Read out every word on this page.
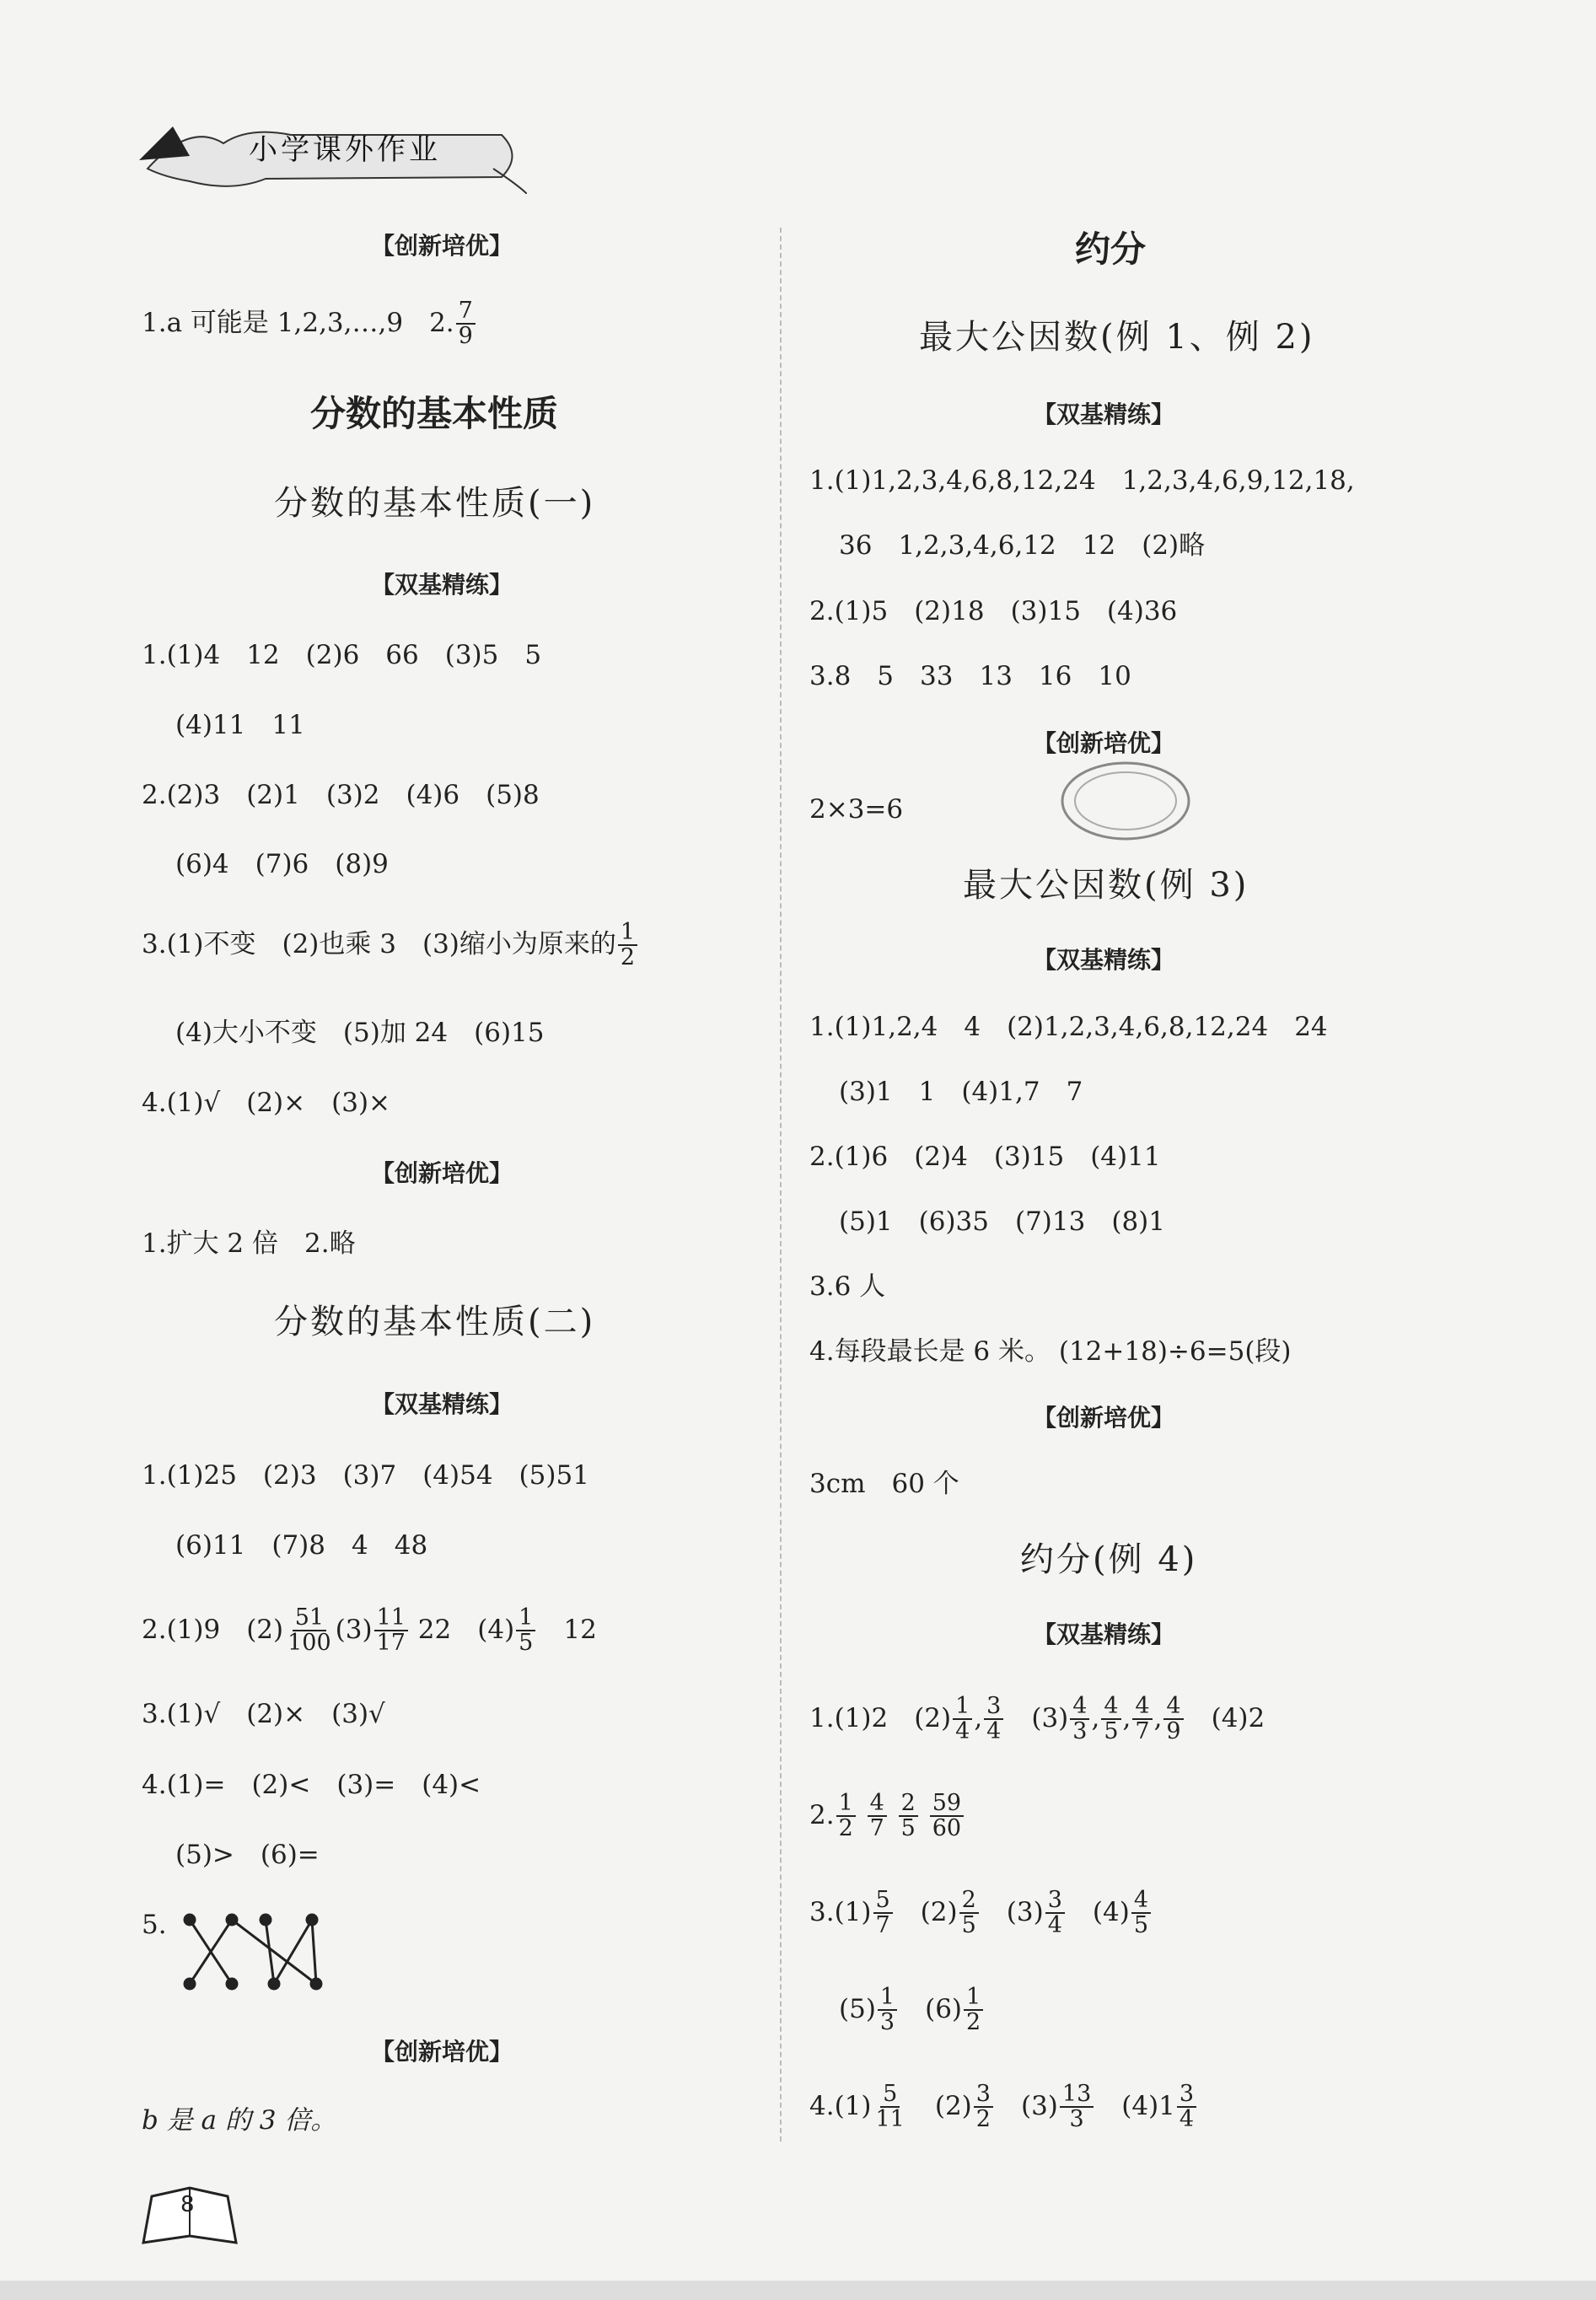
小学课外作业
【创新培优】
1.a 可能是 1,2,3,…,9　2. $\frac{7}{9}$
分数的基本性质
分数的基本性质(一)
【双基精练】
1.(1)4　12　(2)6　66　(3)5　5
(4)11　11
2.(2)3　(2)1　(3)2　(4)6　(5)8
(6)4　(7)6　(8)9
3.(1)不变　(2)也乘 3　(3)缩小为原来的 $\frac{1}{2}$
(4)大小不变　(5)加 24　(6)15
4.(1)√　(2)×　(3)×
【创新培优】
1.扩大 2 倍　2.略
分数的基本性质(二)
【双基精练】
1.(1)25　(2)3　(3)7　(4)54　(5)51
(6)11　(7)8　4　48
2.(1)9　$(2) \frac{51}{100} (3) \frac{11}{17} 22$　$(4) \frac{1}{5}$ 　12
3.(1)√　(2)×　(3)√
4.(1)=　(2)<　(3)=　(4)<
(5)>　(6)=
5.
【创新培优】
b 是 a 的 3 倍。
约分
最大公因数(例 1、例 2)
【双基精练】
1.(1)1,2,3,4,6,8,12,24　1,2,3,4,6,9,12,18,
36　1,2,3,4,6,12　12　(2)略
2.(1)5　(2)18　(3)15　(4)36
3.8　5　33　13　16　10
【创新培优】
2×3=6
最大公因数(例 3)
【双基精练】
1.(1)1,2,4　4　(2)1,2,3,4,6,8,12,24　24
(3)1　1　(4)1,7　7
2.(1)6　(2)4　(3)15　(4)11
(5)1　(6)35　(7)13　(8)1
3.6 人
4.每段最长是 6 米。 (12+18)÷6=5(段)
【创新培优】
3cm　60 个
约分(例 4)
【双基精练】
1.(1)2　$(2) \frac{1}{4}$ , $\frac{3}{4}$ 　$(3) \frac{4}{3}$ , $\frac{4}{5}$ , $\frac{4}{7}$ , $\frac{4}{9}$ 　(4)2
2. $\frac{1}{2}$
$\frac{4}{7}$
$\frac{2}{5}$
$\frac{59}{60}$
$3.(1) \frac{5}{7}$ 　$(2) \frac{2}{5}$ 　$(3) \frac{3}{4}$ 　$(4) \frac{4}{5}$
$(5) \frac{1}{3}$ 　$(6) \frac{1}{2}$
$4.(1) \frac{5}{11}$ 　$(2) \frac{3}{2}$ 　$(3) \frac{13}{3}$ 　$(4)1 \frac{3}{4}$
8
